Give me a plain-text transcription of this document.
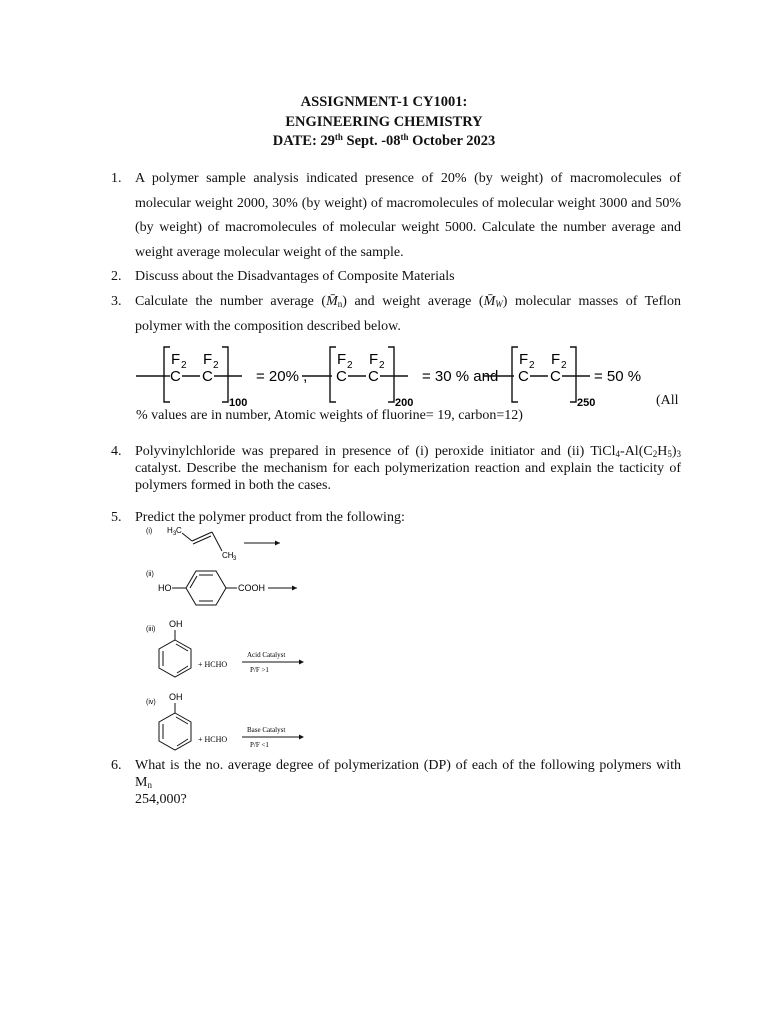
ASSIGNMENT-1 CY1001:
ENGINEERING CHEMISTRY
DATE: 29th Sept. -08th October 2023
1. A polymer sample analysis indicated presence of 20% (by weight) of macromolecules of molecular weight 2000, 30% (by weight) of macromolecules of molecular weight 3000 and 50% (by weight) of macromolecules of molecular weight 5000. Calculate the number average and weight average molecular weight of the sample.
2. Discuss about the Disadvantages of Composite Materials
3. Calculate the number average $(M̄_n)$ and weight average $(M̄_W)$ molecular masses of Teflon
polymer with the composition described below.
F 2 F 2
C C
100
= 20% ,
F 2 F 2
C C
200
= 30 % and
F 2 F 2
C C
250
= 50 %
(All
% values are in number, Atomic weights of fluorine= 19, carbon=12)
4. Polyvinylchloride was prepared in presence of (i) peroxide initiator and (ii) $TiCl_4-Al(C_2H_5)_3$ catalyst. Describe the mechanism for each polymerization reaction and explain the tacticity of polymers formed in both the cases.
5. Predict the polymer product from the following:
(i) H 3 C
CH 3
(ii)
HO	COOH
(iii)
OH
+ HCHO
Acid Catalyst
P/F >1
(iv)
OH
+ HCHO
Base Catalyst
P/F <1
6. What is the no. average degree of polymerization (DP) of each of the following polymers with $M_n$
254,000?
